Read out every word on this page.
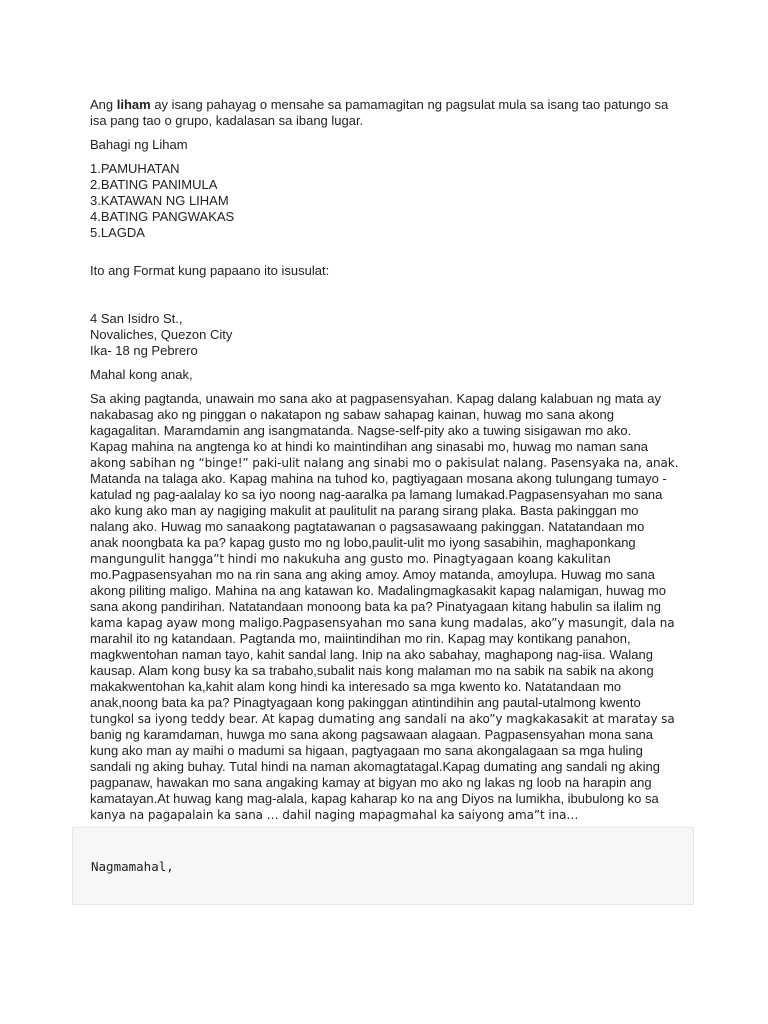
Ang liham ay isang pahayag o mensahe sa pamamagitan ng pagsulat mula sa isang tao patungo sa
isa pang tao o grupo, kadalasan sa ibang lugar.

Bahagi ng Liham

1.PAMUHATAN
2.BATING PANIMULA
3.KATAWAN NG LIHAM
4.BATING PANGWAKAS
5.LAGDA

Ito ang Format kung papaano ito isusulat:

4 San Isidro St.,
Novaliches, Quezon City
Ika- 18 ng Pebrero

Mahal kong anak,

Sa aking pagtanda, unawain mo sana ako at pagpasensyahan. Kapag dalang kalabuan ng mata ay
nakabasag ako ng pinggan o nakatapon ng sabaw sahapag kainan, huwag mo sana akong
kagagalitan. Maramdamin ang isangmatanda. Nagse-self-pity ako a tuwing sisigawan mo ako.
Kapag mahina na angtenga ko at hindi ko maintindihan ang sinasabi mo, huwag mo naman sana
akong sabihan ng “binge!” paki-ulit nalang ang sinabi mo o pakisulat nalang. Pasensyaka na, anak.
Matanda na talaga ako. Kapag mahina na tuhod ko, pagtiyagaan mosana akong tulungang tumayo -
katulad ng pag-aalalay ko sa iyo noong nag-aaralka pa lamang lumakad.Pagpasensyahan mo sana
ako kung ako man ay nagiging makulit at paulitulit na parang sirang plaka. Basta pakinggan mo
nalang ako. Huwag mo sanaakong pagtatawanan o pagsasawaang pakinggan. Natatandaan mo
anak noongbata ka pa? kapag gusto mo ng lobo,paulit-ulit mo iyong sasabihin, maghaponkang
mangungulit hangga”t hindi mo nakukuha ang gusto mo. Pinagtyagaan koang kakulitan
mo.Pagpasensyahan mo na rin sana ang aking amoy. Amoy matanda, amoylupa. Huwag mo sana
akong piliting maligo. Mahina na ang katawan ko. Madalingmagkasakit kapag nalamigan, huwag mo
sana akong pandirihan. Natatandaan monoong bata ka pa? Pinatyagaan kitang habulin sa ilalim ng
kama kapag ayaw mong maligo.Pagpasensyahan mo sana kung madalas, ako”y masungit, dala na
marahil ito ng katandaan. Pagtanda mo, maiintindihan mo rin. Kapag may kontikang panahon,
magkwentohan naman tayo, kahit sandal lang. Inip na ako sabahay, maghapong nag-iisa. Walang
kausap. Alam kong busy ka sa trabaho,subalit nais kong malaman mo na sabik na sabik na akong
makakwentohan ka,kahit alam kong hindi ka interesado sa mga kwento ko. Natatandaan mo
anak,noong bata ka pa? Pinagtyagaan kong pakinggan atintindihin ang pautal-utalmong kwento
tungkol sa iyong teddy bear. At kapag dumating ang sandali na ako”y magkakasakit at maratay sa
banig ng karamdaman, huwga mo sana akong pagsawaan alagaan. Pagpasensyahan mona sana
kung ako man ay maihi o madumi sa higaan, pagtyagaan mo sana akongalagaan sa mga huling
sandali ng aking buhay. Tutal hindi na naman akomagtatagal.Kapag dumating ang sandali ng aking
pagpanaw, hawakan mo sana angaking kamay at bigyan mo ako ng lakas ng loob na harapin ang
kamatayan.At huwag kang mag-alala, kapag kaharap ko na ang Diyos na lumikha, ibubulong ko sa
kanya na pagapalain ka sana … dahil naging mapagmahal ka saiyong ama”t ina…
Nagmamahal,
